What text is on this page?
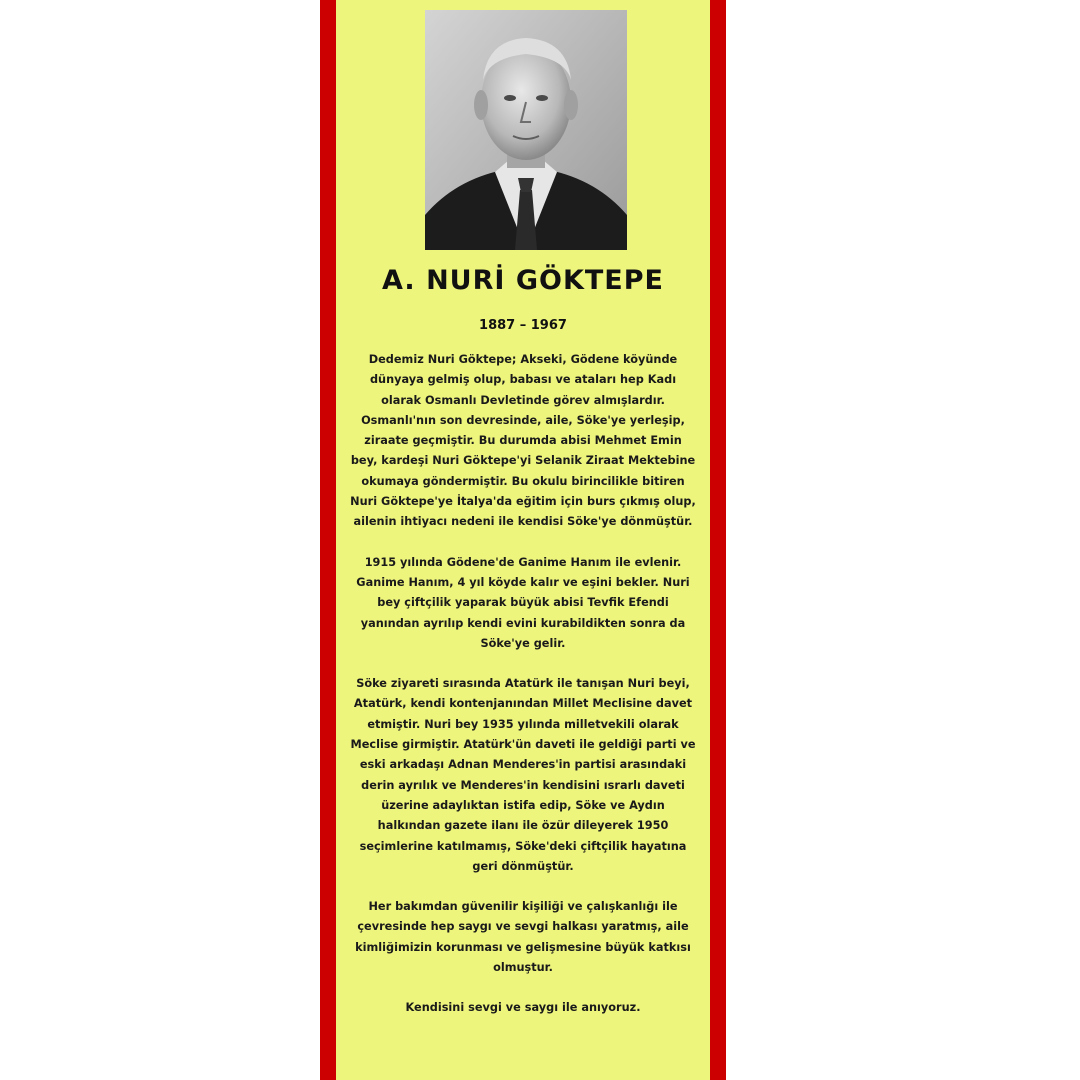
A. NURİ GÖKTEPE
1887 – 1967

Dedemiz Nuri Göktepe; Akseki, Gödene köyünde dünyaya gelmiş olup, babası ve ataları hep Kadı olarak Osmanlı Devletinde görev almışlardır. Osmanlı'nın son devresinde, aile, Söke'ye yerleşip, ziraate geçmiştir. Bu durumda abisi Mehmet Emin bey, kardeşi Nuri Göktepe'yi Selanik Ziraat Mektebine okumaya göndermiştir. Bu okulu birincilikle bitiren Nuri Göktepe'ye İtalya'da eğitim için burs çıkmış olup, ailenin ihtiyacı nedeni ile kendisi Söke'ye dönmüştür.

1915 yılında Gödene'de Ganime Hanım ile evlenir. Ganime Hanım, 4 yıl köyde kalır ve eşini bekler. Nuri bey çiftçilik yaparak büyük abisi Tevfik Efendi yanından ayrılıp kendi evini kurabildikten sonra da Söke'ye gelir.

Söke ziyareti sırasında Atatürk ile tanışan Nuri beyi, Atatürk, kendi kontenjanından Millet Meclisine davet etmiştir. Nuri bey 1935 yılında milletvekili olarak Meclise girmiştir. Atatürk'ün daveti ile geldiği parti ve eski arkadaşı Adnan Menderes'in partisi arasındaki derin ayrılık ve Menderes'in kendisini ısrarlı daveti üzerine adaylıktan istifa edip, Söke ve Aydın halkından gazete ilanı ile özür dileyerek 1950 seçimlerine katılmamış, Söke'deki çiftçilik hayatına geri dönmüştür.

Her bakımdan güvenilir kişiliği ve çalışkanlığı ile çevresinde hep saygı ve sevgi halkası yaratmış, aile kimliğimizin korunması ve gelişmesine büyük katkısı olmuştur.

Kendisini sevgi ve saygı ile anıyoruz.
